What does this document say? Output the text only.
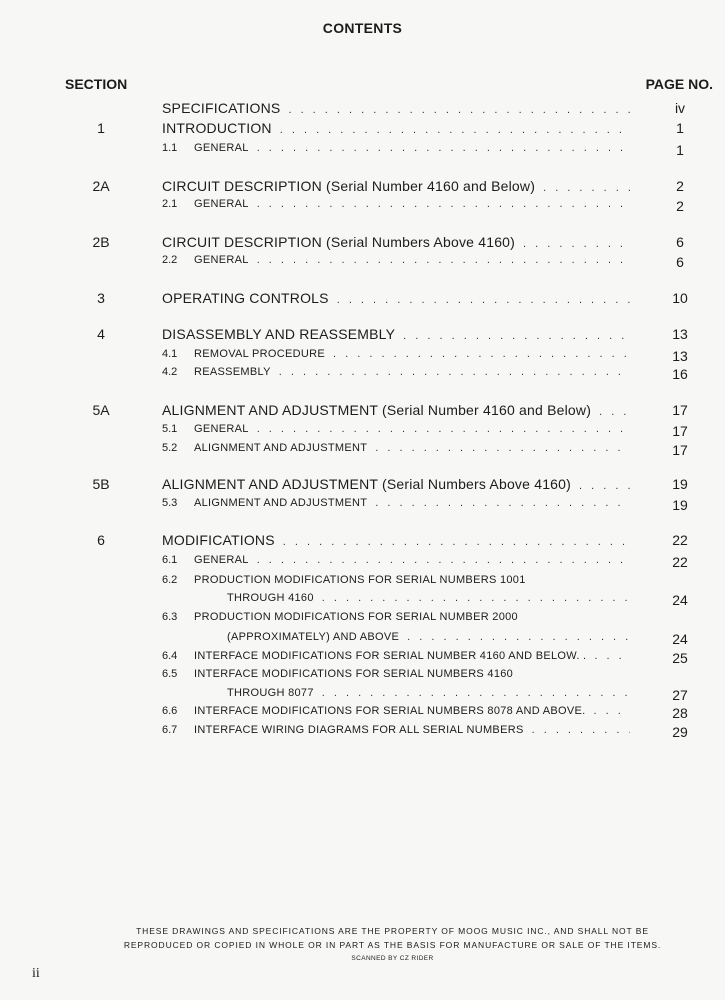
CONTENTS
SECTION	PAGE NO.
SPECIFICATIONS . . .	iv
1	INTRODUCTION . . .	1
1.1 GENERAL . . .	1
2A	CIRCUIT DESCRIPTION (Serial Number 4160 and Below) . . .	2
2.1 GENERAL . . .	2
2B	CIRCUIT DESCRIPTION (Serial Numbers Above 4160) . . .	6
2.2 GENERAL . . .	6
3	OPERATING CONTROLS . . .	10
4	DISASSEMBLY AND REASSEMBLY . . .	13
4.1 REMOVAL PROCEDURE . . .	13
4.2 REASSEMBLY . . .	16
5A	ALIGNMENT AND ADJUSTMENT (Serial Number 4160 and Below) . . .	17
5.1 GENERAL . . .	17
5.2 ALIGNMENT AND ADJUSTMENT . . .	17
5B	ALIGNMENT AND ADJUSTMENT (Serial Numbers Above 4160) . . .	19
5.3 ALIGNMENT AND ADJUSTMENT . . .	19
6	MODIFICATIONS . . .	22
6.1 GENERAL . . .	22
6.2 PRODUCTION MODIFICATIONS FOR SERIAL NUMBERS 1001
THROUGH 4160 . . .	24
6.3 PRODUCTION MODIFICATIONS FOR SERIAL NUMBER 2000
(APPROXIMATELY) AND ABOVE . . .	24
6.4 INTERFACE MODIFICATIONS FOR SERIAL NUMBER 4160 AND BELOW. . . . .	25
6.5 INTERFACE MODIFICATIONS FOR SERIAL NUMBERS 4160
THROUGH 8077 . . .	27
6.6 INTERFACE MODIFICATIONS FOR SERIAL NUMBERS 8078 AND ABOVE. . . .	28
6.7 INTERFACE WIRING DIAGRAMS FOR ALL SERIAL NUMBERS . . .	29
THESE DRAWINGS AND SPECIFICATIONS ARE THE PROPERTY OF MOOG MUSIC INC., AND SHALL NOT BE
REPRODUCED OR COPIED IN WHOLE OR IN PART AS THE BASIS FOR MANUFACTURE OR SALE OF THE ITEMS.
SCANNED BY CZ RIDER
ii
